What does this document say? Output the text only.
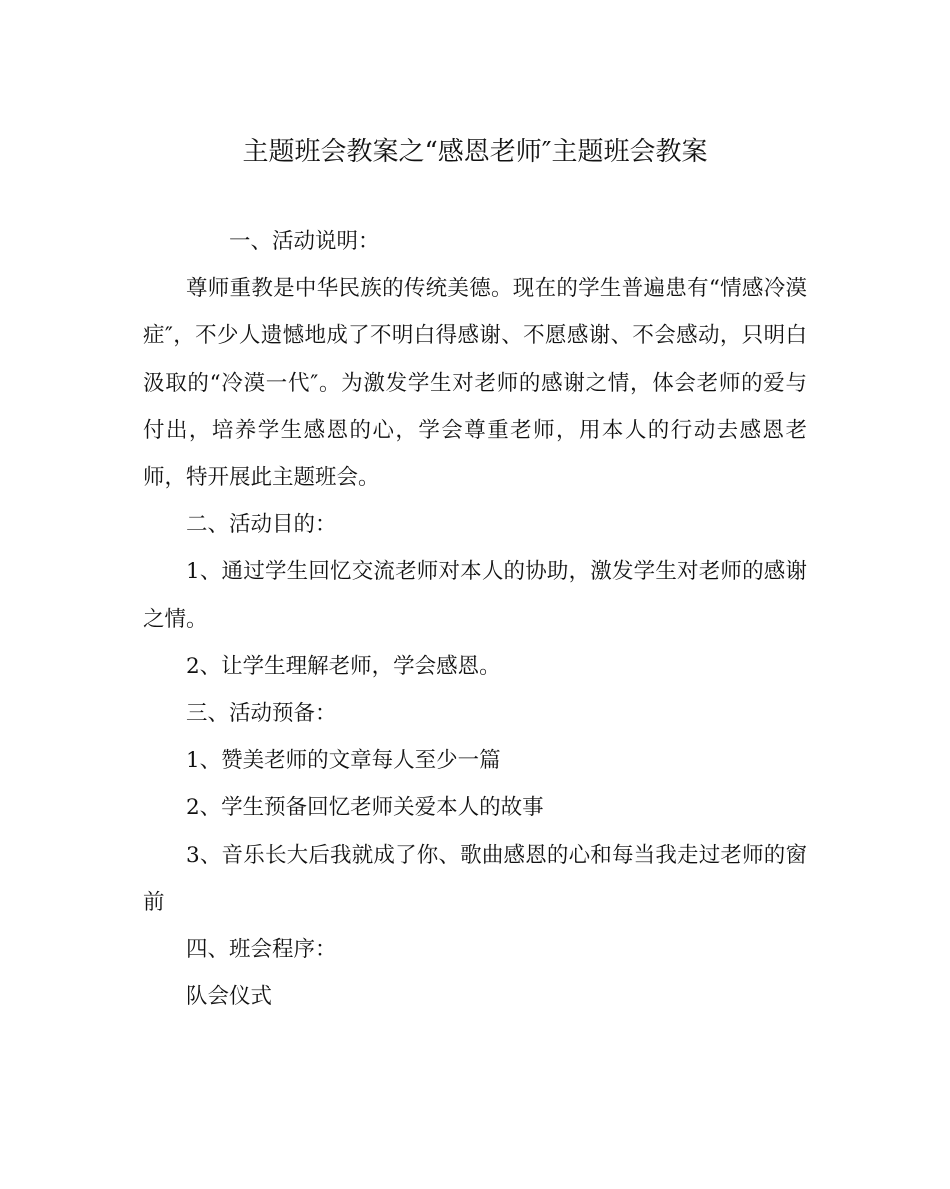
主题班会教案之“感恩老师″主题班会教案

一、活动说明：

尊师重教是中华民族的传统美德。现在的学生普遍患有“情感冷漠症″，不少人遗憾地成了不明白得感谢、不愿感谢、不会感动，只明白汲取的“冷漠一代″。为激发学生对老师的感谢之情，体会老师的爱与付出，培养学生感恩的心，学会尊重老师，用本人的行动去感恩老师，特开展此主题班会。

二、活动目的：

1、通过学生回忆交流老师对本人的协助，激发学生对老师的感谢之情。

2、让学生理解老师，学会感恩。

三、活动预备：

1、赞美老师的文章每人至少一篇

2、学生预备回忆老师关爱本人的故事

3、音乐长大后我就成了你、歌曲感恩的心和每当我走过老师的窗前

四、班会程序：

队会仪式
